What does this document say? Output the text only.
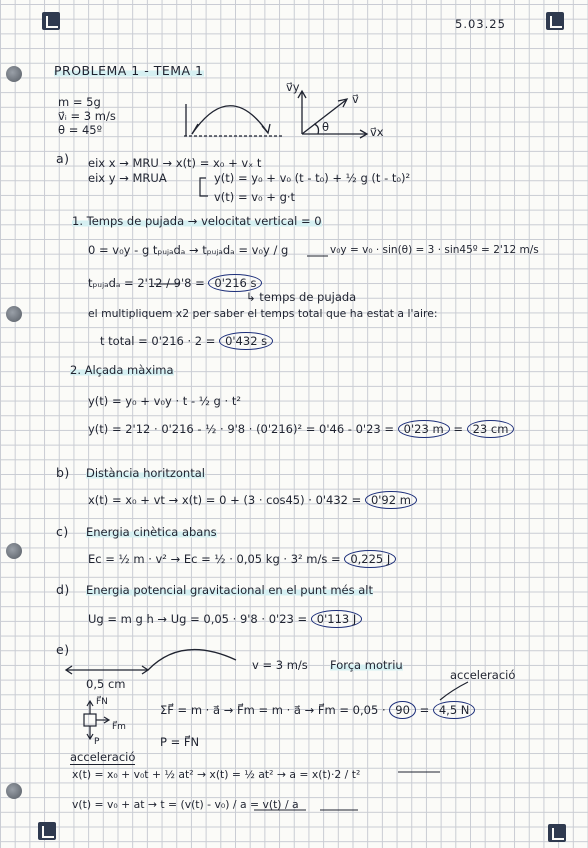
5.03.25
PROBLEMA 1 - TEMA 1
m = 5g
v⃗ᵢ = 3 m/s
θ = 45º
v⃗y
v⃗
θ	v⃗x
a) eix x → MRU → x(t) = x₀ + vₓ t
eix y → MRUA	y(t) = y₀ + v₀ (t - t₀) + ½ g (t - t₀)²
v(t) = v₀ + g·t
1. Temps de pujada → velocitat vertical = 0
0 = v₀y - g tₚᵤⱼₐdₐ → tₚᵤⱼₐdₐ = v₀y / g	v₀y = v₀ · sin(θ) = 3 · sin45º = 2'12 m/s
tₚᵤⱼₐdₐ = 2'12 / 9'8 = 0'216 s
↳ temps de pujada
el multipliquem x2 per saber el temps total que ha estat a l'aire:
t total = 0'216 · 2 = 0'432 s
2. Alçada màxima
y(t) = y₀ + v₀y · t - ½ g · t²
y(t) = 2'12 · 0'216 - ½ · 9'8 · (0'216)² = 0'46 - 0'23 = 0'23 m = 23 cm
b) Distància horitzontal
x(t) = x₀ + vt → x(t) = 0 + (3 · cos45) · 0'432 = 0'92 m
c) Energia cinètica abans
Ec = ½ m · v² → Ec = ½ · 0,05 kg · 3² m/s = 0,225 J
d) Energia potencial gravitacional en el punt més alt
Ug = m g h → Ug = 0,05 · 9'8 · 0'23 = 0'113 J
e)
0,5 cm
v = 3 m/s Força motriu
acceleració
F⃗N
F⃗m
P
ΣF⃗ = m · a⃗ → F⃗m = m · a⃗ → F⃗m = 0,05 · 90 = 4,5 N
P = F⃗N
acceleració
x(t) = x₀ + v₀t + ½ at² → x(t) = ½ at² → a = x(t)·2 / t²
v(t) = v₀ + at → t = (v(t) - v₀) / a = v(t) / a
